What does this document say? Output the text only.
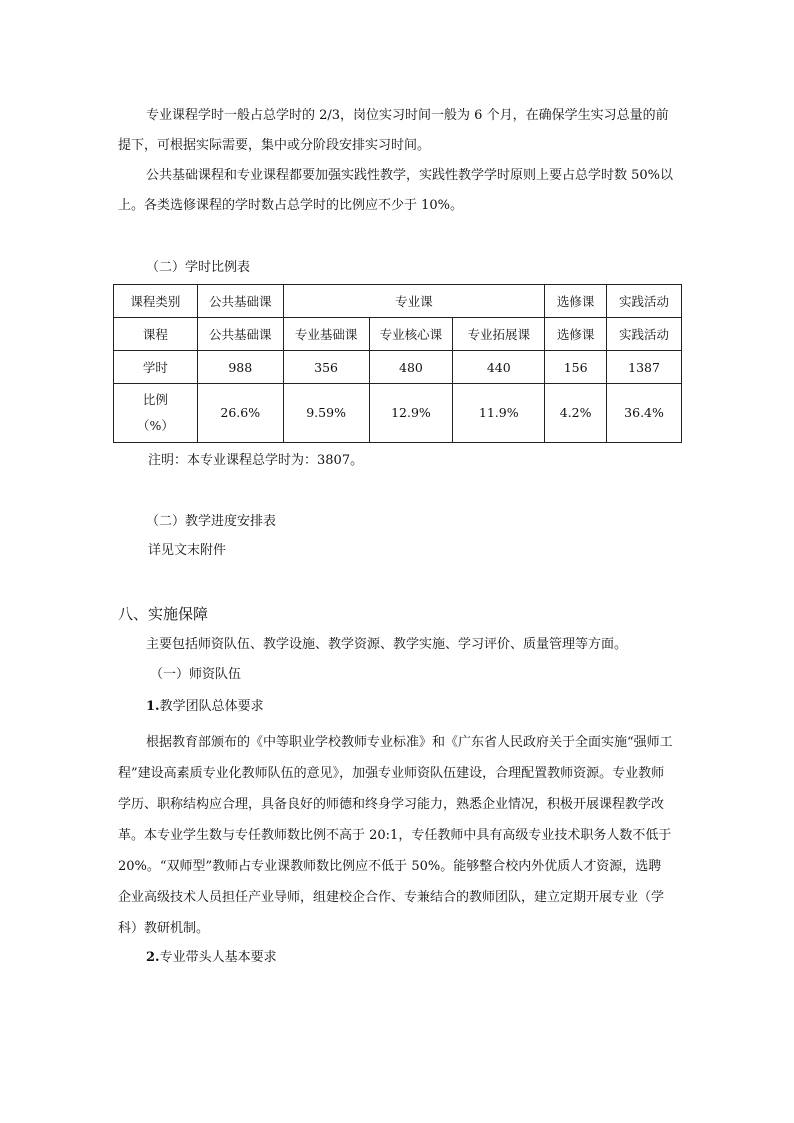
专业课程学时一般占总学时的 2/3，岗位实习时间一般为 6 个月，在确保学生实习总量的前提下，可根据实际需要，集中或分阶段安排实习时间。

公共基础课程和专业课程都要加强实践性教学，实践性教学学时原则上要占总学时数 50%以上。各类选修课程的学时数占总学时的比例应不少于 10%。

（二）学时比例表

课程类别	公共基础课	专业课			选修课	实践活动
课程	公共基础课	专业基础课	专业核心课	专业拓展课	选修课	实践活动
学时	988	356	480	440	156	1387

比例
（%）	26.6%	9.59%	12.9%	11.9%	4.2%	36.4%

注明：本专业课程总学时为：3807。

（二）教学进度安排表

详见文末附件

八、实施保障

主要包括师资队伍、教学设施、教学资源、教学实施、学习评价、质量管理等方面。

（一）师资队伍

1.教学团队总体要求

根据教育部颁布的《中等职业学校教师专业标准》和《广东省人民政府关于全面实施“强师工程”建设高素质专业化教师队伍的意见》，加强专业师资队伍建设，合理配置教师资源。专业教师学历、职称结构应合理，具备良好的师德和终身学习能力，熟悉企业情况，积极开展课程教学改革。本专业学生数与专任教师数比例不高于 20:1，专任教师中具有高级专业技术职务人数不低于 20%。“双师型”教师占专业课教师数比例应不低于 50%。能够整合校内外优质人才资源，选聘企业高级技术人员担任产业导师，组建校企合作、专兼结合的教师团队，建立定期开展专业（学科）教研机制。

2.专业带头人基本要求
